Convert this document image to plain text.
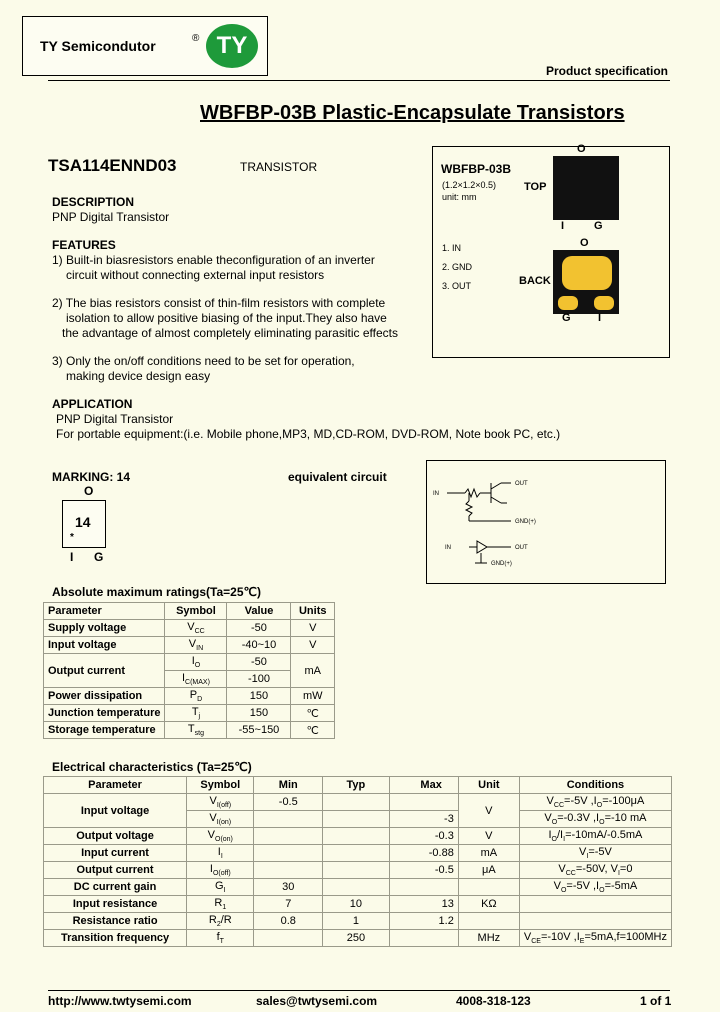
TY Semicondutor	® TY
Product specification
WBFBP-03B Plastic-Encapsulate Transistors
TSA114ENND03	TRANSISTOR
DESCRIPTION
PNP Digital Transistor
FEATURES
1) Built-in biasresistors enable theconfiguration of an inverter
circuit without connecting external input resistors
2) The bias resistors consist of thin-film resistors with complete
isolation to allow positive biasing of the input.They also have
the advantage of almost completely eliminating parasitic effects
3) Only the on/off conditions need to be set for operation,
making device design easy
APPLICATION
PNP Digital Transistor
For portable equipment:(i.e. Mobile phone,MP3, MD,CD-ROM, DVD-ROM, Note book PC, etc.)
WBFBP-03B
(1.2×1.2×0.5)
unit: mm
1. IN
2. GND
3. OUT
O
TOP
I	G
O
BACK
G I
MARKING: 14
O
14
*
I G
equivalent circuit
IN
OUT
GND(+)
IN	OUT
GND(+)
Absolute maximum ratings(Ta=25℃)
Parameter	Symbol	Value	Units
Supply voltage	$V_{CC}$	-50	V
Input voltage	$V_{IN}$	-40~10	V
Output current	$I_O$	-50	mA
	$I_{C(MAX)}$	-100	
Power dissipation	$P_D$	150	mW
Junction temperature	$T_j$	150	℃
Storage temperature	$T_{stg}$	-55~150	℃
Electrical characteristics (Ta=25℃)
Parameter	Symbol	Min	Typ	Max	Unit	Conditions
Input voltage	$V_{I(off)}$	-0.5			V	$V_{CC}=-5V$ $,I_O=-100\mu A$
	$V_{I(on)}$			-3		$V_O=-0.3V$ $,I_O=-10$ mA
Output voltage	$V_{O(on)}$			-0.3	V	$I_O/I_I=-10mA/-0.5mA$
Input current	$I_I$			-0.88	mA	$V_I=-5V$
Output current	$I_{O(off)}$			-0.5	μA	$V_{CC}=-50V$, $V_I=0$
DC current gain	$G_I$	30				$V_O=-5V$ $,I_O=-5mA$
Input resistance	$R_1$	7	10	13	KΩ	
Resistance ratio	$R_2/R$	0.8	1	1.2		
Transition frequency	$f_T$		250		MHz	$V_{CE}=-10V$ $,I_E=5mA,f=100MHz$
http://www.twtysemi.com	sales@twtysemi.com	4008-318-123	1 of 1
